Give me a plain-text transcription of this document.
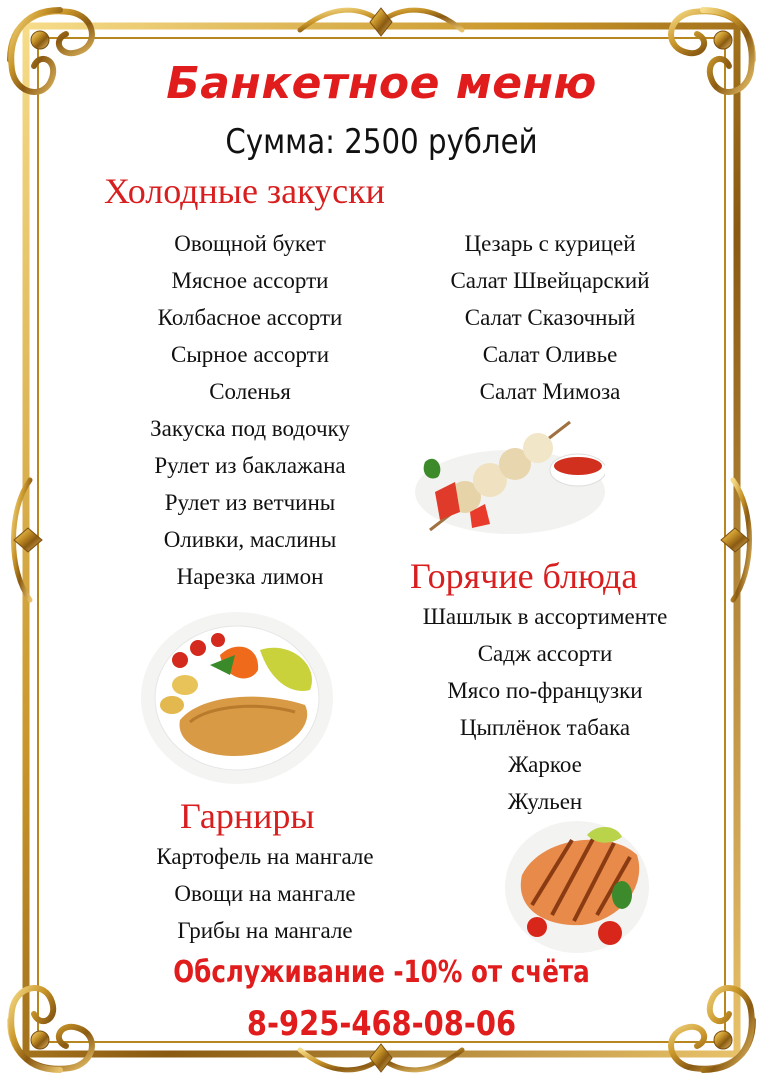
Банкетное меню
Сумма: 2500 рублей
Холодные закуски
Овощной букет
Мясное ассорти
Колбасное ассорти
Сырное ассорти
Соленья
Закуска под водочку
Рулет из баклажана
Рулет из ветчины
Оливки, маслины
Нарезка лимон
Цезарь с курицей
Салат Швейцарский
Салат Сказочный
Салат Оливье
Салат Мимоза
Горячие блюда
Шашлык в ассортименте
Садж ассорти
Мясо по-французки
Цыплёнок табака
Жаркое
Жульен
Гарниры
Картофель на мангале
Овощи на мангале
Грибы на мангале
Обслуживание -10% от счёта
8-925-468-08-06
